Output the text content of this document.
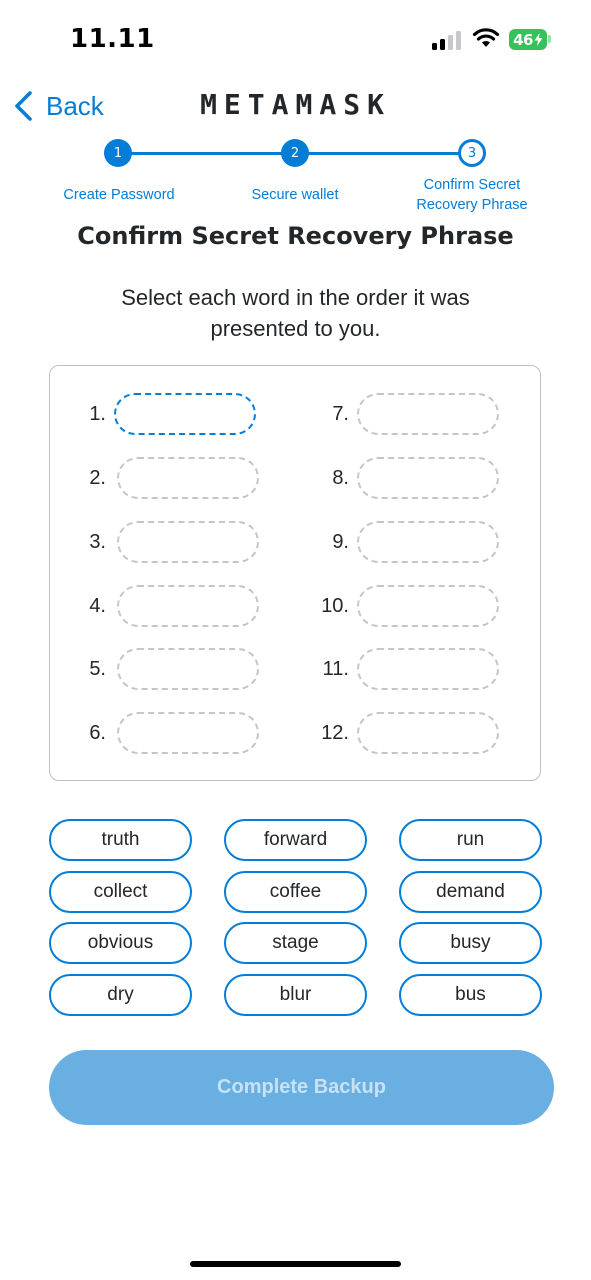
11.11	46
Back	METAMASK
1	2	3
Create Password	Secure wallet
Confirm Secret Recovery Phrase
Confirm Secret Recovery Phrase
Select each word in the order it was presented to you.
1.
2.
3.
4.
5.
6.
7.
8.
9.
10.
11.
12.
truth	forward	run
collect	coffee	demand
obvious	stage	busy
dry	blur	bus
Complete Backup
